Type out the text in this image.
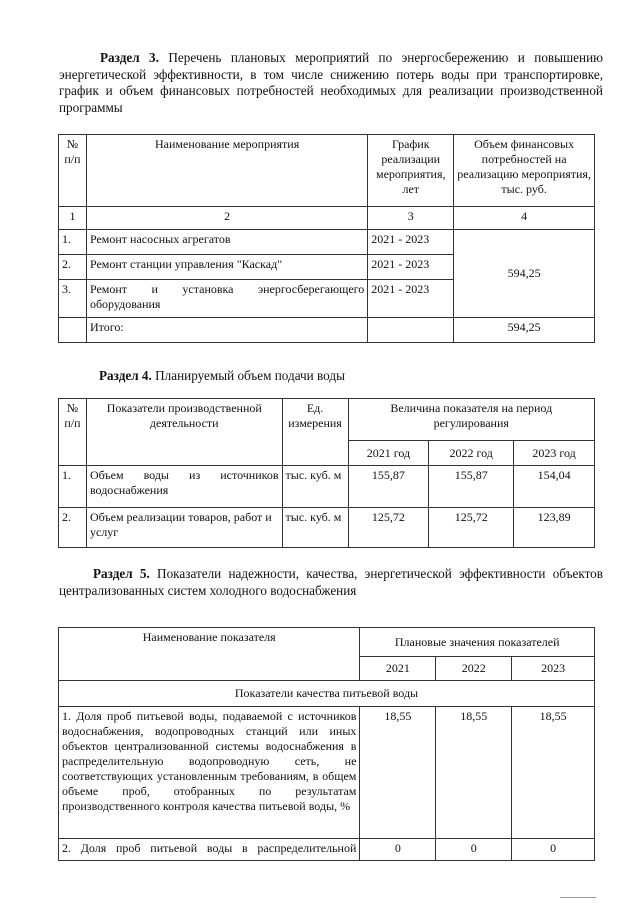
Раздел 3. Перечень плановых мероприятий по энергосбережению и повышению энергетической эффективности, в том числе снижению потерь воды при транспортировке, график и объем финансовых потребностей необходимых для реализации производственной программы
№ п/п	Наименование мероприятия	График реализации мероприятия, лет	Объем финансовых потребностей на реализацию мероприятия, тыс. руб.
1	2	3	4
1.	Ремонт насосных агрегатов	2021 - 2023	594,25
2.	Ремонт станции управления "Каскад"	2021 - 2023	
3.	Ремонт и установка энергосберегающего оборудования	2021 - 2023	
	Итого:		594,25
Раздел 4. Планируемый объем подачи воды
№ п/п	Показатели производственной деятельности	Ед. измерения	Величина показателя на период регулирования		
			2021 год	2022 год	2023 год
1.	Объем воды из источников водоснабжения	тыс. куб. м	155,87	155,87	154,04
2.	Объем реализации товаров, работ и услуг	тыс. куб. м	125,72	125,72	123,89
Раздел 5. Показатели надежности, качества, энергетической эффективности объектов централизованных систем холодного водоснабжения
Наименование показателя	Плановые значения показателей		
	2021	2022	2023
Показатели качества питьевой воды			
1. Доля проб питьевой воды, подаваемой с источников водоснабжения, водопроводных станций или иных объектов централизованной системы водоснабжения в распределительную водопроводную сеть, не соответствующих установленным требованиям, в общем объеме проб, отобранных по результатам производственного контроля качества питьевой воды, %	18,55	18,55	18,55
2. Доля проб питьевой воды в распределительной	0	0	0
